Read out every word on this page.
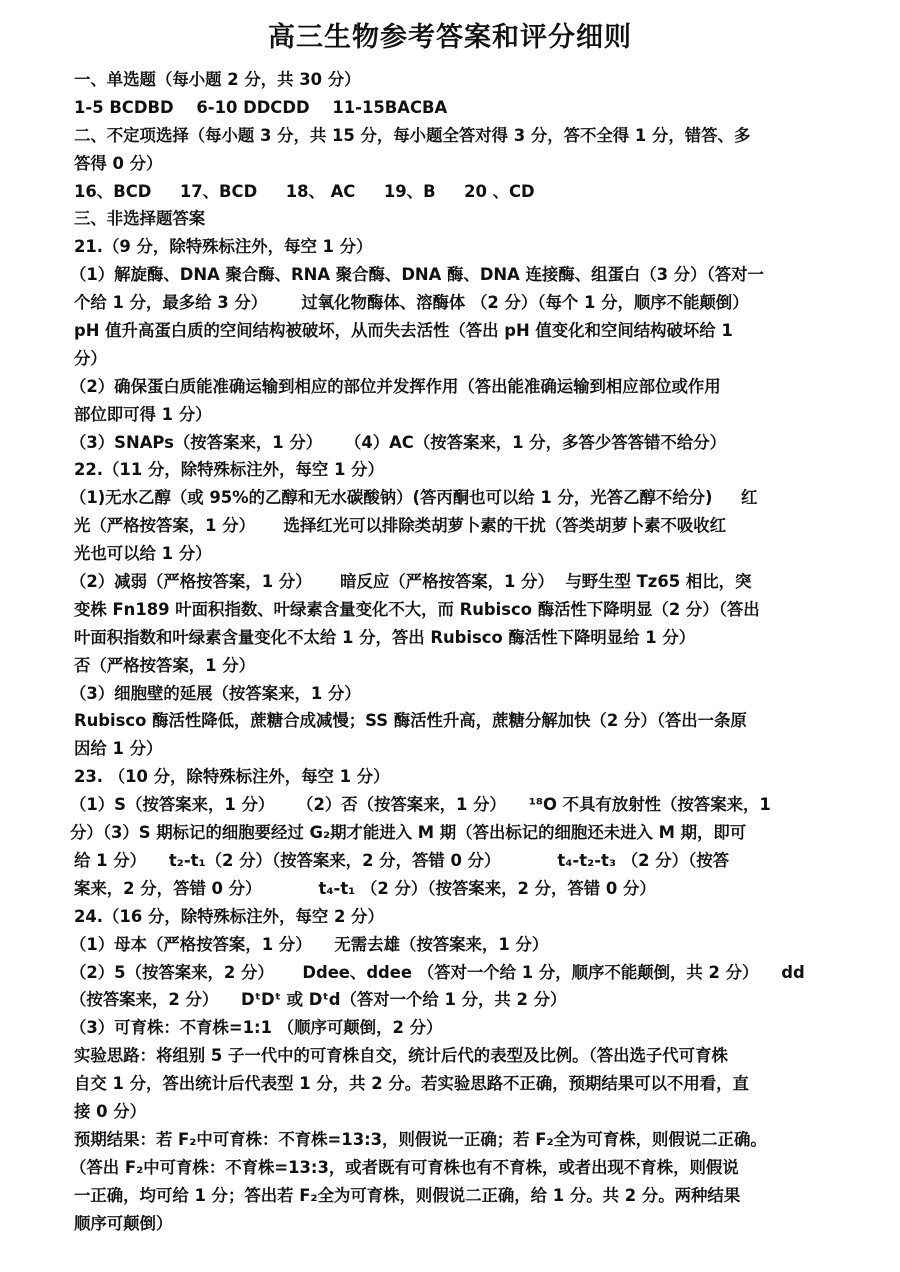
高三生物参考答案和评分细则
一、单选题（每小题 2 分，共 30 分）
1-5 BCDBD    6-10 DDCDD    11-15BACBA
二、不定项选择（每小题 3 分，共 15 分，每小题全答对得 3 分，答不全得 1 分，错答、多
答得 0 分）
16、BCD     17、BCD     18、 AC     19、B     20 、CD
三、非选择题答案
21.（9 分，除特殊标注外，每空 1 分）
（1）解旋酶、DNA 聚合酶、RNA 聚合酶、DNA 酶、DNA 连接酶、组蛋白（3 分）（答对一
个给 1 分，最多给 3 分）      过氧化物酶体、溶酶体 （2 分）（每个 1 分，顺序不能颠倒）
pH 值升高蛋白质的空间结构被破坏，从而失去活性（答出 pH 值变化和空间结构破坏给 1
分）
（2）确保蛋白质能准确运输到相应的部位并发挥作用（答出能准确运输到相应部位或作用
部位即可得 1 分）
（3）SNAPs（按答案来，1 分）    （4）AC（按答案来，1 分，多答少答答错不给分）
22.（11 分，除特殊标注外，每空 1 分）
（1)无水乙醇（或 95%的乙醇和无水碳酸钠）(答丙酮也可以给 1 分，光答乙醇不给分)     红
光（严格按答案，1 分）     选择红光可以排除类胡萝卜素的干扰（答类胡萝卜素不吸收红
光也可以给 1 分）
（2）减弱（严格按答案，1 分）     暗反应（严格按答案，1 分）  与野生型 Tz65 相比，突
变株 Fn189 叶面积指数、叶绿素含量变化不大，而 Rubisco 酶活性下降明显（2 分）（答出
叶面积指数和叶绿素含量变化不太给 1 分，答出 Rubisco 酶活性下降明显给 1 分）
否（严格按答案，1 分）
（3）细胞壁的延展（按答案来，1 分）
Rubisco 酶活性降低，蔗糖合成减慢；SS 酶活性升高，蔗糖分解加快（2 分）（答出一条原
因给 1 分）
23. （10 分，除特殊标注外，每空 1 分）
（1）S（按答案来，1 分）    （2）否（按答案来，1 分）    ¹⁸O 不具有放射性（按答案来，1
分）（3）S 期标记的细胞要经过 G₂期才能进入 M 期（答出标记的细胞还未进入 M 期，即可
给 1 分）    t₂-t₁（2 分）（按答案来，2 分，答错 0 分）          t₄-t₂-t₃ （2 分）（按答
案来，2 分，答错 0 分）          t₄-t₁ （2 分）（按答案来，2 分，答错 0 分）
24.（16 分，除特殊标注外，每空 2 分）
（1）母本（严格按答案，1 分）    无需去雄（按答案来，1 分）
（2）5（按答案来，2 分）     Ddee、ddee （答对一个给 1 分，顺序不能颠倒，共 2 分）    dd
（按答案来，2 分）    DᵗDᵗ 或 Dᵗd（答对一个给 1 分，共 2 分）
（3）可育株：不育株=1:1 （顺序可颠倒，2 分）
实验思路：将组别 5 子一代中的可育株自交，统计后代的表型及比例。（答出选子代可育株
自交 1 分，答出统计后代表型 1 分，共 2 分。若实验思路不正确，预期结果可以不用看，直
接 0 分）
预期结果：若 F₂中可育株：不育株=13:3，则假说一正确；若 F₂全为可育株，则假说二正确。
（答出 F₂中可育株：不育株=13:3，或者既有可育株也有不育株，或者出现不育株，则假说
一正确，均可给 1 分；答出若 F₂全为可育株，则假说二正确，给 1 分。共 2 分。两种结果
顺序可颠倒）
